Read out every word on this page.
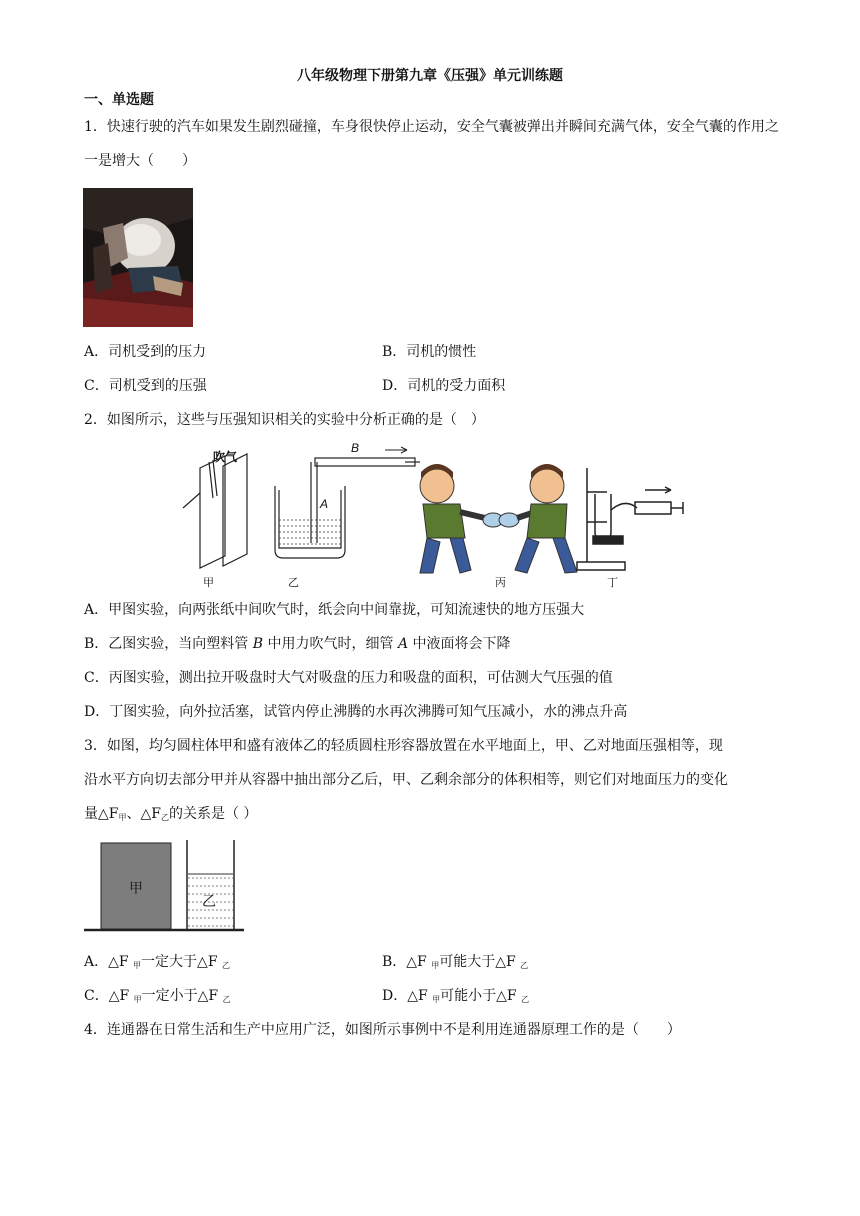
八年级物理下册第九章《压强》单元训练题
一、单选题
1．快速行驶的汽车如果发生剧烈碰撞，车身很快停止运动，安全气囊被弹出并瞬间充满气体，安全气囊的作用之一是增大（　　）
A．司机受到的压力	B．司机的惯性
C．司机受到的压强	D．司机的受力面积
2．如图所示，这些与压强知识相关的实验中分析正确的是（　）
吹气
甲
B
A
乙	丙	丁
A．甲图实验，向两张纸中间吹气时，纸会向中间靠拢，可知流速快的地方压强大
B．乙图实验，当向塑料管 B 中用力吹气时，细管 A 中液面将会下降
C．丙图实验，测出拉开吸盘时大气对吸盘的压力和吸盘的面积，可估测大气压强的值
D．丁图实验，向外拉活塞，试管内停止沸腾的水再次沸腾可知气压减小，水的沸点升高
3．如图，均匀圆柱体甲和盛有液体乙的轻质圆柱形容器放置在水平地面上，甲、乙对地面压强相等，现
沿水平方向切去部分甲并从容器中抽出部分乙后，甲、乙剩余部分的体积相等，则它们对地面压力的变化
量$\triangle F_甲$、$\triangle F_乙$的关系是（ ）
甲
乙
A．△F $_甲$一定大于△F $_乙$	B．△F $_甲$可能大于△F $_乙$
C．△F $_甲$一定小于△F $_乙$	D．△F $_甲$可能小于△F $_乙$
4．连通器在日常生活和生产中应用广泛，如图所示事例中不是利用连通器原理工作的是（　　）
